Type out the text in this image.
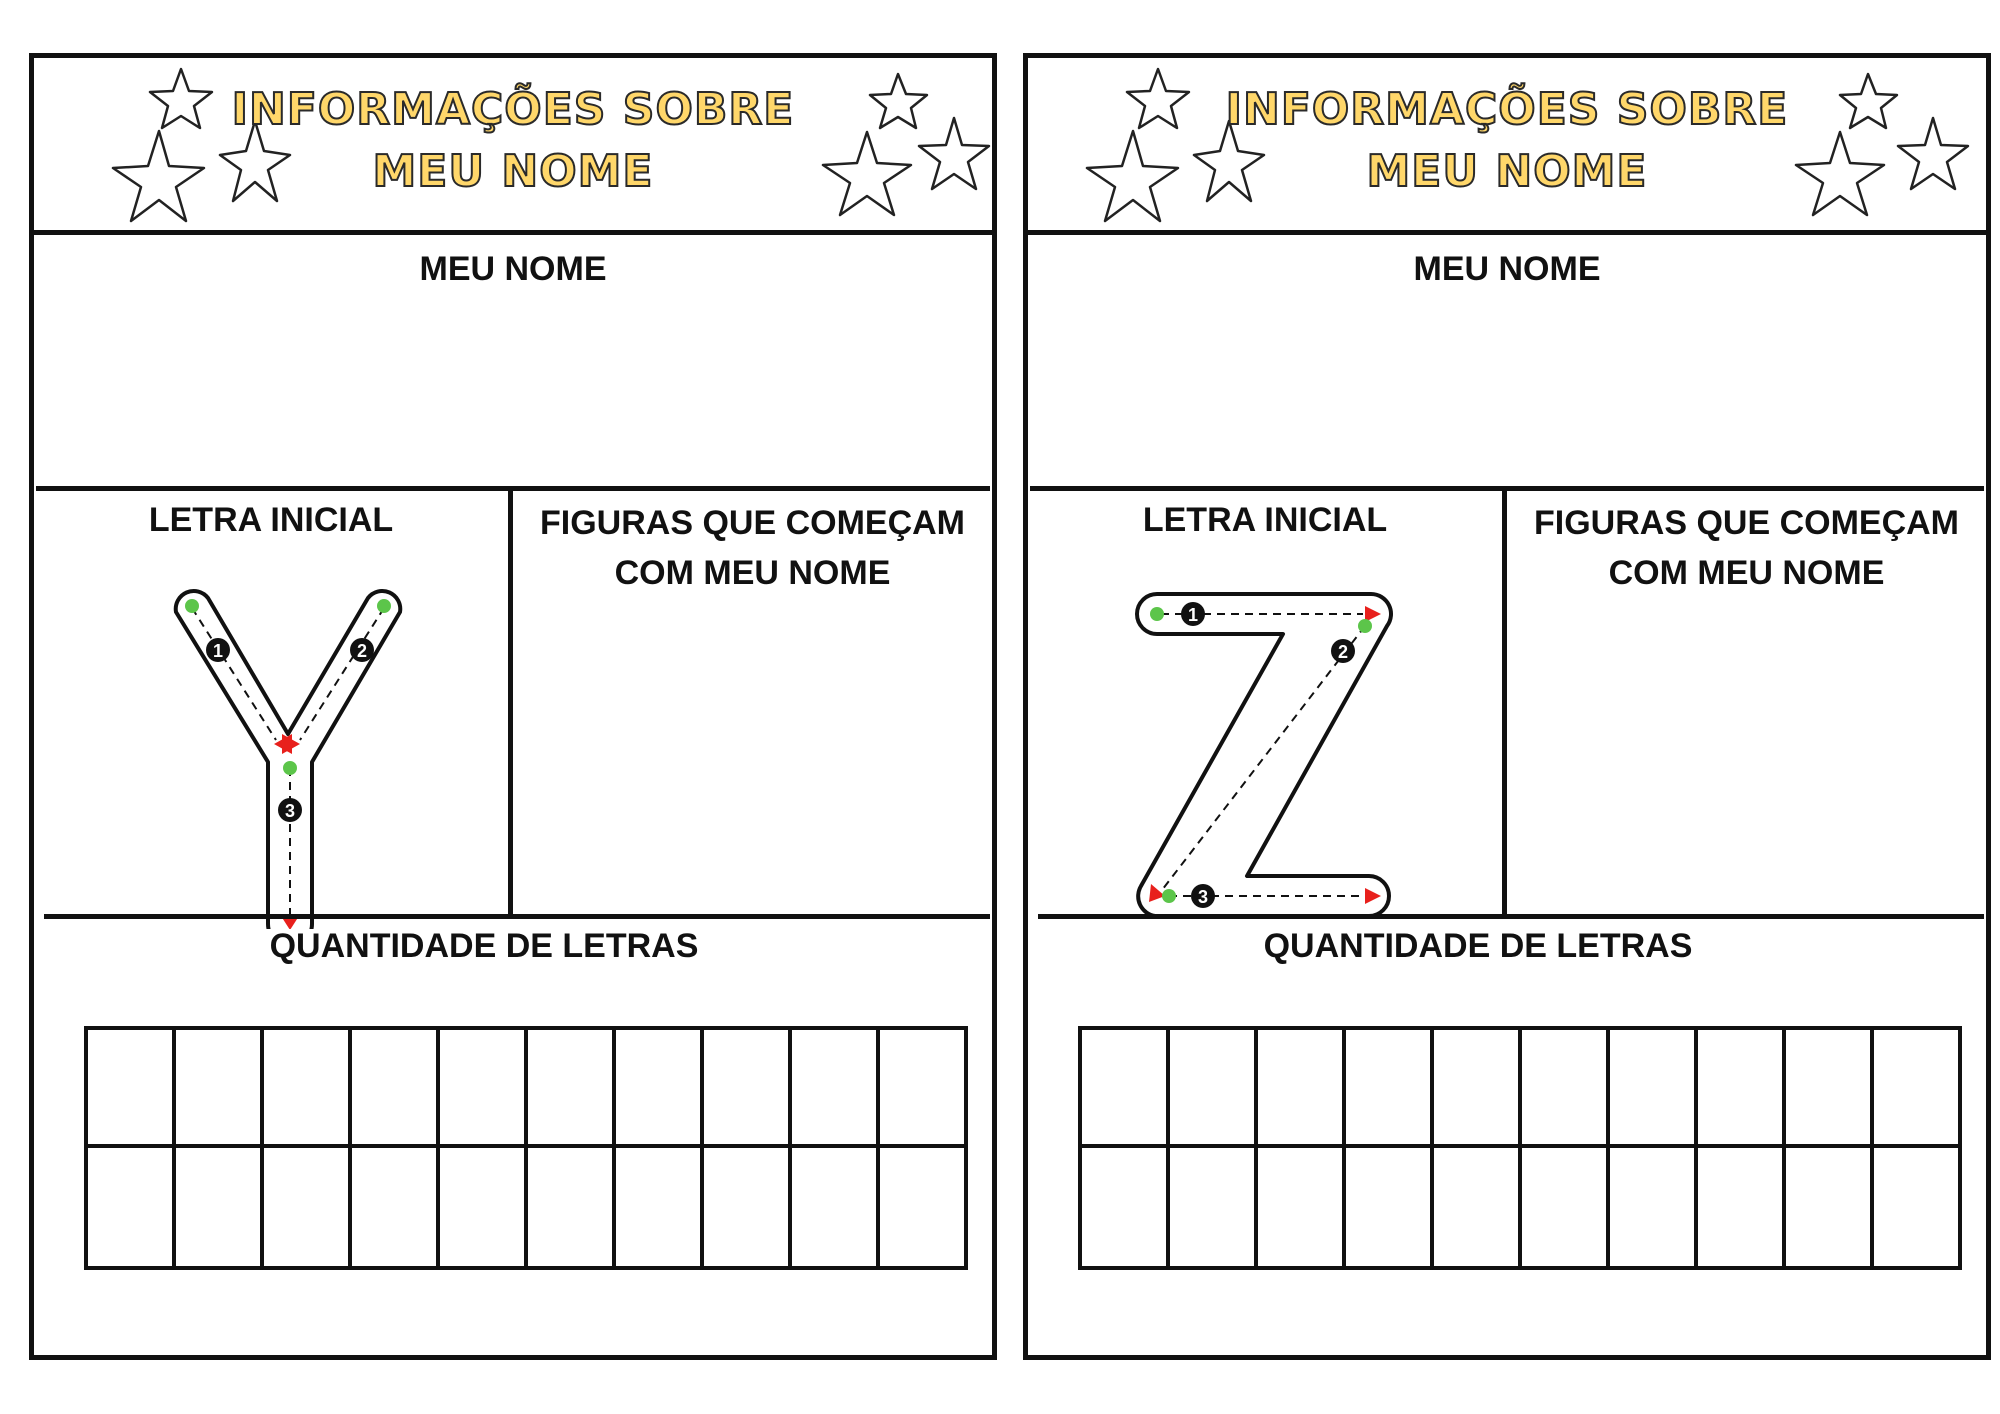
INFORMAÇÕES SOBRE
MEU NOME
MEU NOME
LETRA INICIAL
1	2
3
FIGURAS QUE COMEÇAM
COM MEU NOME
QUANTIDADE DE LETRAS
INFORMAÇÕES SOBRE
MEU NOME
MEU NOME
LETRA INICIAL
1
2
3
FIGURAS QUE COMEÇAM
COM MEU NOME
QUANTIDADE DE LETRAS
